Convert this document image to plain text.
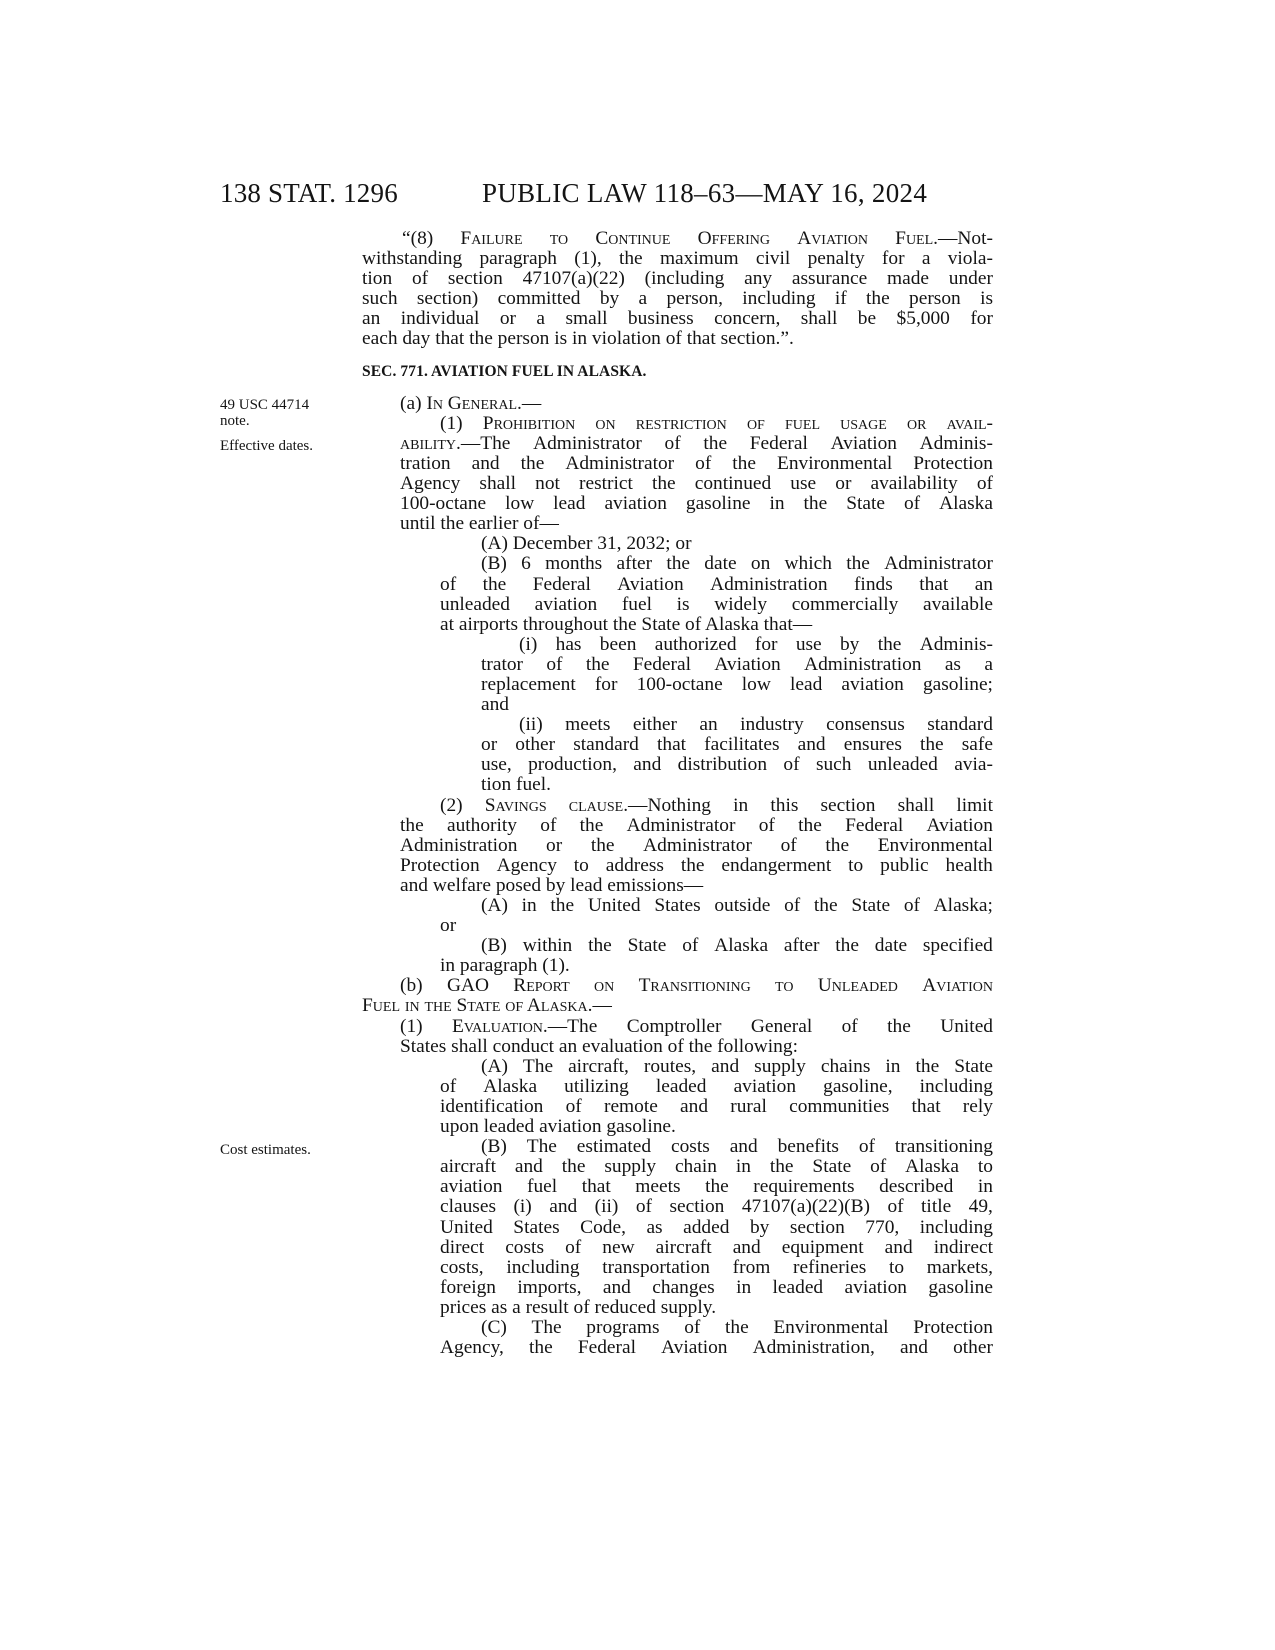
138 STAT. 1296	PUBLIC LAW 118–63—MAY 16, 2024
49 USC 44714
note.
Effective dates.
Cost estimates.
“(8) Failure to Continue Offering Aviation Fuel.—Not-
withstanding paragraph (1), the maximum civil penalty for a viola-
tion of section 47107(a)(22) (including any assurance made under
such section) committed by a person, including if the person is
an individual or a small business concern, shall be $5,000 for
each day that the person is in violation of that section.”.
SEC. 771. AVIATION FUEL IN ALASKA.
(a) In General .—
(1) Prohibition on restriction of fuel usage or avail-
ability.—The Administrator of the Federal Aviation Adminis-
tration and the Administrator of the Environmental Protection
Agency shall not restrict the continued use or availability of
100-octane low lead aviation gasoline in the State of Alaska
until the earlier of—
(A) December 31, 2032; or
(B) 6 months after the date on which the Administrator
of the Federal Aviation Administration finds that an
unleaded aviation fuel is widely commercially available
at airports throughout the State of Alaska that—
(i) has been authorized for use by the Adminis-
trator of the Federal Aviation Administration as a
replacement for 100-octane low lead aviation gasoline;
and
(ii) meets either an industry consensus standard
or other standard that facilitates and ensures the safe
use, production, and distribution of such unleaded avia-
tion fuel.
(2) Savings clause.—Nothing in this section shall limit
the authority of the Administrator of the Federal Aviation
Administration or the Administrator of the Environmental
Protection Agency to address the endangerment to public health
and welfare posed by lead emissions—
(A) in the United States outside of the State of Alaska;
or
(B) within the State of Alaska after the date specified
in paragraph (1).
(b) GAO Report on Transitioning to Unleaded Aviation
Fuel in the State of Alaska .—
(1) Evaluation.—The Comptroller General of the United
States shall conduct an evaluation of the following:
(A) The aircraft, routes, and supply chains in the State
of Alaska utilizing leaded aviation gasoline, including
identification of remote and rural communities that rely
upon leaded aviation gasoline.
(B) The estimated costs and benefits of transitioning
aircraft and the supply chain in the State of Alaska to
aviation fuel that meets the requirements described in
clauses (i) and (ii) of section 47107(a)(22)(B) of title 49,
United States Code, as added by section 770, including
direct costs of new aircraft and equipment and indirect
costs, including transportation from refineries to markets,
foreign imports, and changes in leaded aviation gasoline
prices as a result of reduced supply.
(C) The programs of the Environmental Protection
Agency, the Federal Aviation Administration, and other
